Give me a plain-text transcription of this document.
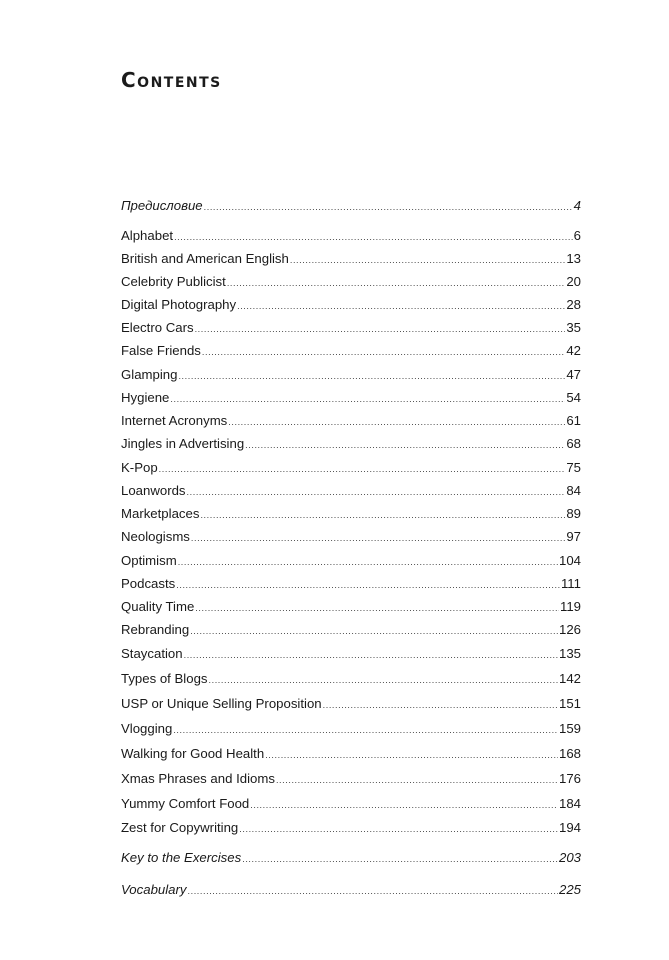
Contents
Предисловие .....	4
Alphabet .....	6
British and American English .....	13
Celebrity Publicist .....	20
Digital Photography .....	28
Electro Cars .....	35
False Friends .....	42
Glamping .....	47
Hygiene .....	54
Internet Acronyms .....	61
Jingles in Advertising .....	68
K-Pop .....	75
Loanwords .....	84
Marketplaces .....	89
Neologisms .....	97
Optimism .....	104
Podcasts .....	111
Quality Time .....	119
Rebranding .....	126
Staycation .....	135
Types of Blogs .....	142
USP or Unique Selling Proposition .....	151
Vlogging .....	159
Walking for Good Health .....	168
Xmas Phrases and Idioms .....	176
Yummy Comfort Food .....	184
Zest for Copywriting .....	194
Key to the Exercises .....	203
Vocabulary .....	225
